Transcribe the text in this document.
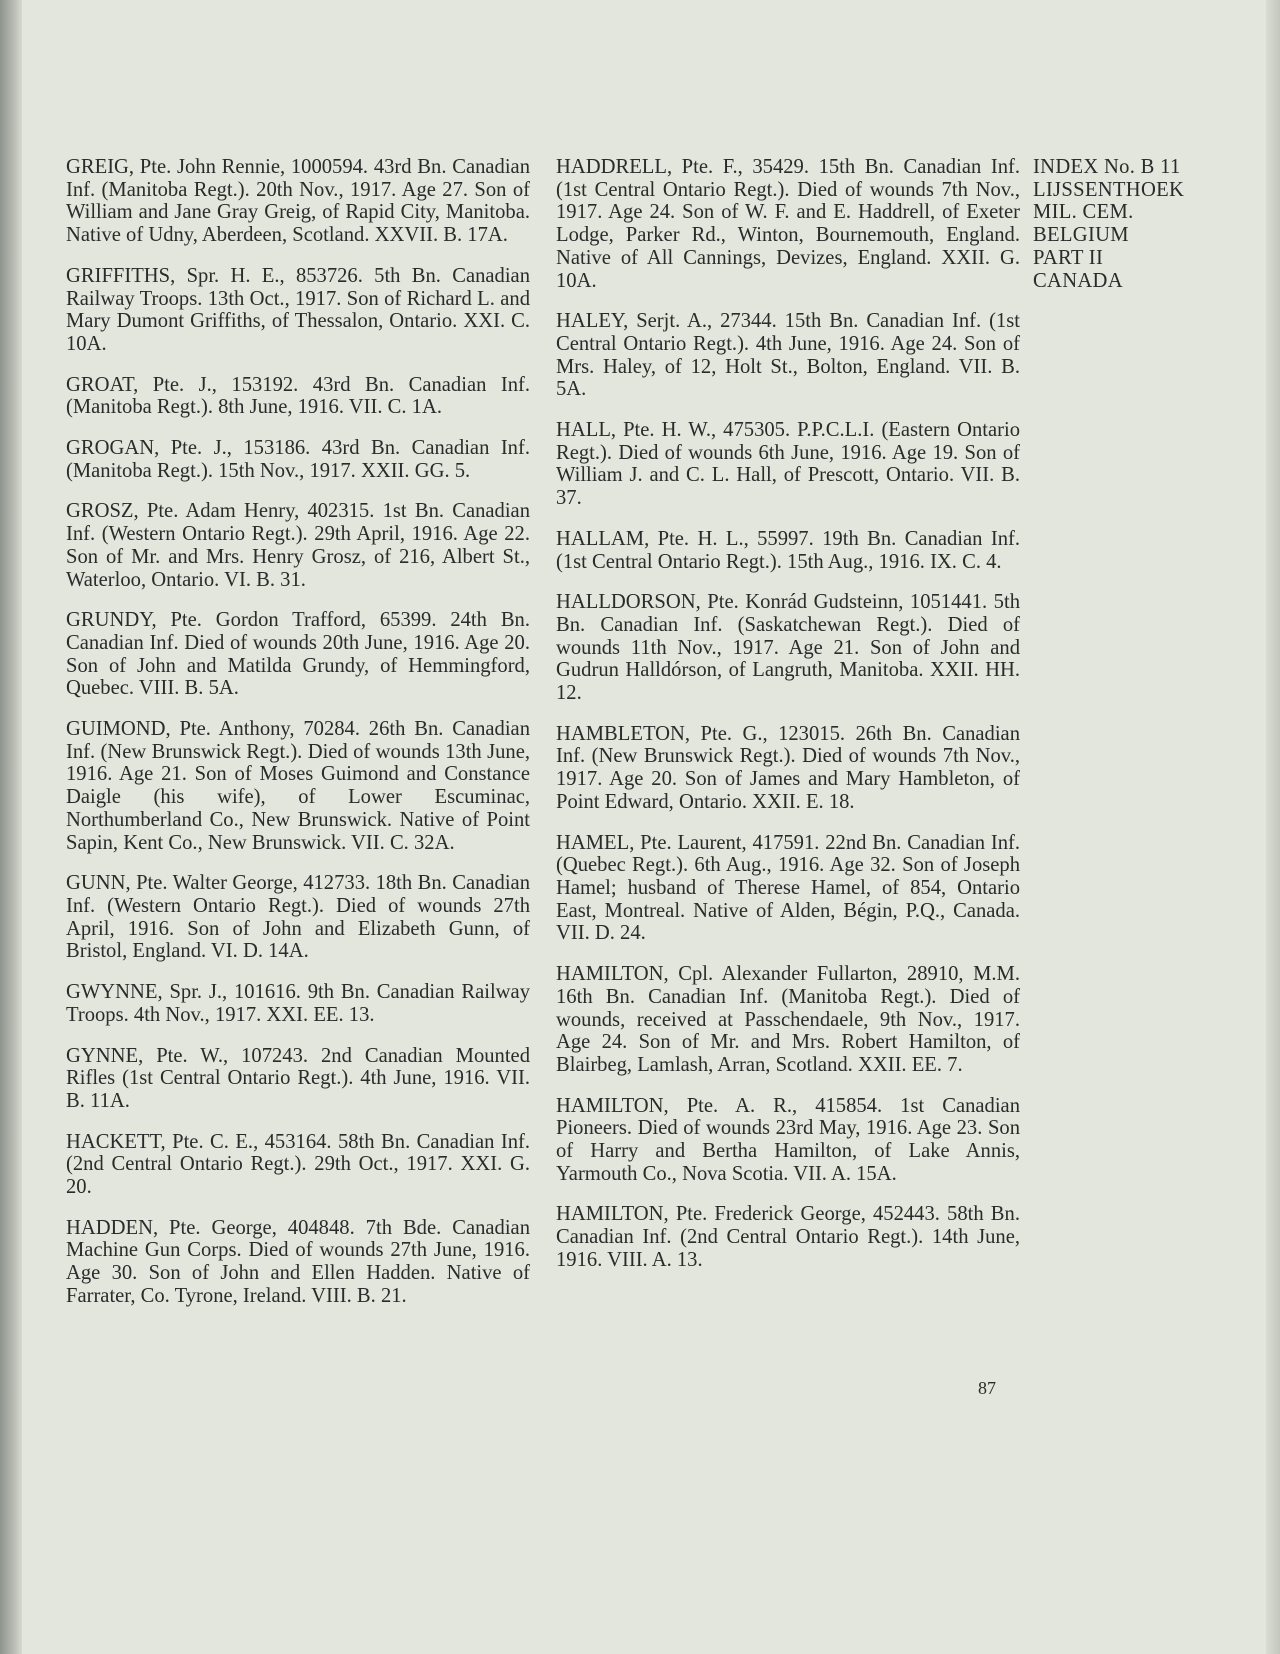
GREIG, Pte. John Rennie, 1000594. 43rd Bn. Canadian Inf. (Manitoba Regt.). 20th Nov., 1917. Age 27. Son of William and Jane Gray Greig, of Rapid City, Manitoba. Native of Udny, Aberdeen, Scotland. XXVII. B. 17A.

GRIFFITHS, Spr. H. E., 853726. 5th Bn. Canadian Railway Troops. 13th Oct., 1917. Son of Richard L. and Mary Dumont Griffiths, of Thessalon, Ontario. XXI. C. 10A.

GROAT, Pte. J., 153192. 43rd Bn. Canadian Inf. (Manitoba Regt.). 8th June, 1916. VII. C. 1A.

GROGAN, Pte. J., 153186. 43rd Bn. Canadian Inf. (Manitoba Regt.). 15th Nov., 1917. XXII. GG. 5.

GROSZ, Pte. Adam Henry, 402315. 1st Bn. Canadian Inf. (Western Ontario Regt.). 29th April, 1916. Age 22. Son of Mr. and Mrs. Henry Grosz, of 216, Albert St., Waterloo, Ontario. VI. B. 31.

GRUNDY, Pte. Gordon Trafford, 65399. 24th Bn. Canadian Inf. Died of wounds 20th June, 1916. Age 20. Son of John and Matilda Grundy, of Hemmingford, Quebec. VIII. B. 5A.

GUIMOND, Pte. Anthony, 70284. 26th Bn. Canadian Inf. (New Brunswick Regt.). Died of wounds 13th June, 1916. Age 21. Son of Moses Guimond and Constance Daigle (his wife), of Lower Escuminac, Northumberland Co., New Brunswick. Native of Point Sapin, Kent Co., New Brunswick. VII. C. 32A.

GUNN, Pte. Walter George, 412733. 18th Bn. Canadian Inf. (Western Ontario Regt.). Died of wounds 27th April, 1916. Son of John and Elizabeth Gunn, of Bristol, England. VI. D. 14A.

GWYNNE, Spr. J., 101616. 9th Bn. Canadian Railway Troops. 4th Nov., 1917. XXI. EE. 13.

GYNNE, Pte. W., 107243. 2nd Canadian Mounted Rifles (1st Central Ontario Regt.). 4th June, 1916. VII. B. 11A.

HACKETT, Pte. C. E., 453164. 58th Bn. Canadian Inf. (2nd Central Ontario Regt.). 29th Oct., 1917. XXI. G. 20.

HADDEN, Pte. George, 404848. 7th Bde. Canadian Machine Gun Corps. Died of wounds 27th June, 1916. Age 30. Son of John and Ellen Hadden. Native of Farrater, Co. Tyrone, Ireland. VIII. B. 21.

HADDRELL, Pte. F., 35429. 15th Bn. Canadian Inf. (1st Central Ontario Regt.). Died of wounds 7th Nov., 1917. Age 24. Son of W. F. and E. Haddrell, of Exeter Lodge, Parker Rd., Winton, Bournemouth, England. Native of All Cannings, Devizes, England. XXII. G. 10A.

HALEY, Serjt. A., 27344. 15th Bn. Canadian Inf. (1st Central Ontario Regt.). 4th June, 1916. Age 24. Son of Mrs. Haley, of 12, Holt St., Bolton, England. VII. B. 5A.

HALL, Pte. H. W., 475305. P.P.C.L.I. (Eastern Ontario Regt.). Died of wounds 6th June, 1916. Age 19. Son of William J. and C. L. Hall, of Prescott, Ontario. VII. B. 37.

HALLAM, Pte. H. L., 55997. 19th Bn. Canadian Inf. (1st Central Ontario Regt.). 15th Aug., 1916. IX. C. 4.

HALLDORSON, Pte. Konrád Gudsteinn, 1051441. 5th Bn. Canadian Inf. (Saskatchewan Regt.). Died of wounds 11th Nov., 1917. Age 21. Son of John and Gudrun Halldórson, of Langruth, Manitoba. XXII. HH. 12.

HAMBLETON, Pte. G., 123015. 26th Bn. Canadian Inf. (New Brunswick Regt.). Died of wounds 7th Nov., 1917. Age 20. Son of James and Mary Hambleton, of Point Edward, Ontario. XXII. E. 18.

HAMEL, Pte. Laurent, 417591. 22nd Bn. Canadian Inf. (Quebec Regt.). 6th Aug., 1916. Age 32. Son of Joseph Hamel; husband of Therese Hamel, of 854, Ontario East, Montreal. Native of Alden, Bégin, P.Q., Canada. VII. D. 24.

HAMILTON, Cpl. Alexander Fullarton, 28910, M.M. 16th Bn. Canadian Inf. (Manitoba Regt.). Died of wounds, received at Passchendaele, 9th Nov., 1917. Age 24. Son of Mr. and Mrs. Robert Hamilton, of Blairbeg, Lamlash, Arran, Scotland. XXII. EE. 7.

HAMILTON, Pte. A. R., 415854. 1st Canadian Pioneers. Died of wounds 23rd May, 1916. Age 23. Son of Harry and Bertha Hamilton, of Lake Annis, Yarmouth Co., Nova Scotia. VII. A. 15A.

HAMILTON, Pte. Frederick George, 452443. 58th Bn. Canadian Inf. (2nd Central Ontario Regt.). 14th June, 1916. VIII. A. 13.

INDEX No. B 11
LIJSSENTHOEK
MIL. CEM.
BELGIUM
PART II
CANADA
87
